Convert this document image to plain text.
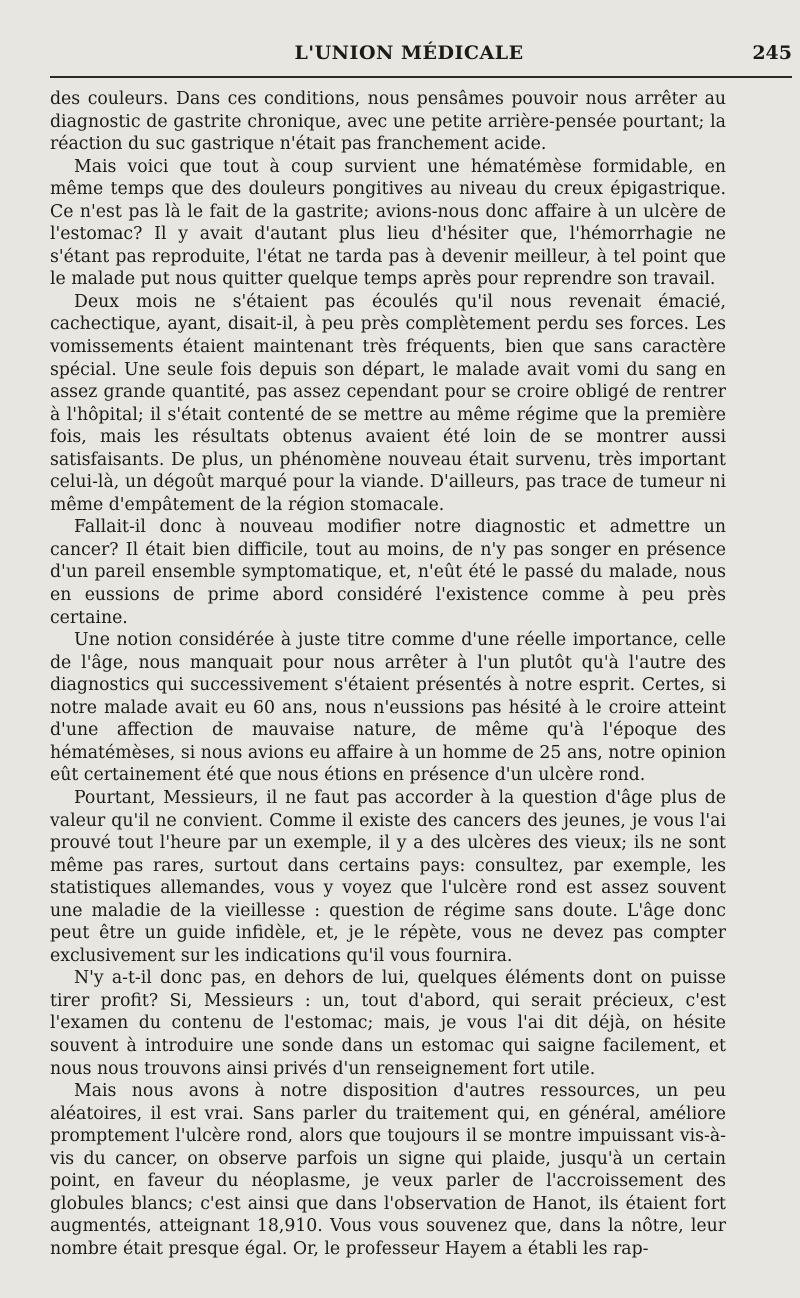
L'UNION MÉDICALE	245

des couleurs. Dans ces conditions, nous pensâmes pouvoir nous arrêter au diagnostic de gastrite chronique, avec une petite arrière-pensée pourtant; la réaction du suc gastrique n'était pas franchement acide.

Mais voici que tout à coup survient une hématémèse formidable, en même temps que des douleurs pongitives au niveau du creux épigastrique. Ce n'est pas là le fait de la gastrite; avions-nous donc affaire à un ulcère de l'estomac? Il y avait d'autant plus lieu d'hésiter que, l'hémorrhagie ne s'étant pas reproduite, l'état ne tarda pas à devenir meilleur, à tel point que le malade put nous quitter quelque temps après pour reprendre son travail.

Deux mois ne s'étaient pas écoulés qu'il nous revenait émacié, cachectique, ayant, disait-il, à peu près complètement perdu ses forces. Les vomissements étaient maintenant très fréquents, bien que sans caractère spécial. Une seule fois depuis son départ, le malade avait vomi du sang en assez grande quantité, pas assez cependant pour se croire obligé de rentrer à l'hôpital; il s'était contenté de se mettre au même régime que la première fois, mais les résultats obtenus avaient été loin de se montrer aussi satisfaisants. De plus, un phénomène nouveau était survenu, très important celui-là, un dégoût marqué pour la viande. D'ailleurs, pas trace de tumeur ni même d'empâtement de la région stomacale.

Fallait-il donc à nouveau modifier notre diagnostic et admettre un cancer? Il était bien difficile, tout au moins, de n'y pas songer en présence d'un pareil ensemble symptomatique, et, n'eût été le passé du malade, nous en eussions de prime abord considéré l'existence comme à peu près certaine.

Une notion considérée à juste titre comme d'une réelle importance, celle de l'âge, nous manquait pour nous arrêter à l'un plutôt qu'à l'autre des diagnostics qui successivement s'étaient présentés à notre esprit. Certes, si notre malade avait eu 60 ans, nous n'eussions pas hésité à le croire atteint d'une affection de mauvaise nature, de même qu'à l'époque des hématémèses, si nous avions eu affaire à un homme de 25 ans, notre opinion eût certainement été que nous étions en présence d'un ulcère rond.

Pourtant, Messieurs, il ne faut pas accorder à la question d'âge plus de valeur qu'il ne convient. Comme il existe des cancers des jeunes, je vous l'ai prouvé tout l'heure par un exemple, il y a des ulcères des vieux; ils ne sont même pas rares, surtout dans certains pays: consultez, par exemple, les statistiques allemandes, vous y voyez que l'ulcère rond est assez souvent une maladie de la vieillesse : question de régime sans doute. L'âge donc peut être un guide infidèle, et, je le répète, vous ne devez pas compter exclusivement sur les indications qu'il vous fournira.

N'y a-t-il donc pas, en dehors de lui, quelques éléments dont on puisse tirer profit? Si, Messieurs : un, tout d'abord, qui serait précieux, c'est l'examen du contenu de l'estomac; mais, je vous l'ai dit déjà, on hésite souvent à introduire une sonde dans un estomac qui saigne facilement, et nous nous trouvons ainsi privés d'un renseignement fort utile.

Mais nous avons à notre disposition d'autres ressources, un peu aléatoires, il est vrai. Sans parler du traitement qui, en général, améliore promptement l'ulcère rond, alors que toujours il se montre impuissant vis-à-vis du cancer, on observe parfois un signe qui plaide, jusqu'à un certain point, en faveur du néoplasme, je veux parler de l'accroissement des globules blancs; c'est ainsi que dans l'observation de Hanot, ils étaient fort augmentés, atteignant 18,910. Vous vous souvenez que, dans la nôtre, leur nombre était presque égal. Or, le professeur Hayem a établi les rap-
